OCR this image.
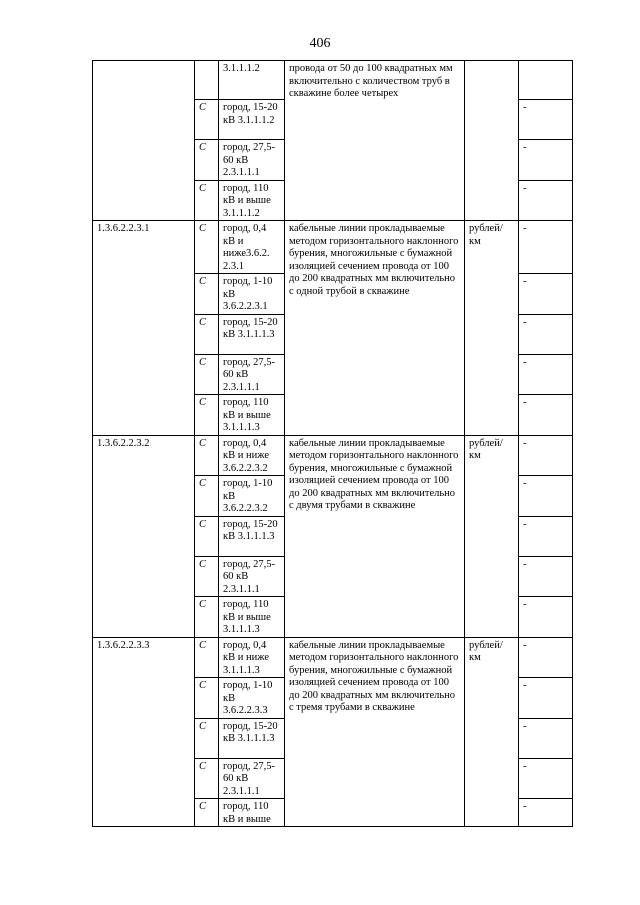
406
		3.1.1.1.2	провода от 50 до 100 квадратных мм включительно с количеством труб в скважине более четырех		
	С	город, 15-20 кВ 3.1.1.1.2			-
	С	город, 27,5-60 кВ 2.3.1.1.1			-
	С	город, 110 кВ и выше 3.1.1.1.2			-
1.3.6.2.2.3.1	С	город, 0,4 кВ и ниже3.6.2. 2.3.1	кабельные линии прокладываемые методом горизонтального наклонного бурения, многожильные с бумажной изоляцией сечением провода от 100 до 200 квадратных мм включительно с одной трубой в скважине	рублей/ км	-
	С	город, 1-10 кВ 3.6.2.2.3.1			-
	С	город, 15-20 кВ 3.1.1.1.3			-
	С	город, 27,5-60 кВ 2.3.1.1.1			-
	С	город, 110 кВ и выше 3.1.1.1.3			-
1.3.6.2.2.3.2	С	город, 0,4 кВ и ниже 3.6.2.2.3.2	кабельные линии прокладываемые методом горизонтального наклонного бурения, многожильные с бумажной изоляцией сечением провода от 100 до 200 квадратных мм включительно с двумя трубами в скважине	рублей/ км	-
	С	город, 1-10 кВ 3.6.2.2.3.2			-
	С	город, 15-20 кВ 3.1.1.1.3			-
	С	город, 27,5-60 кВ 2.3.1.1.1			-
	С	город, 110 кВ и выше 3.1.1.1.3			-
1.3.6.2.2.3.3	С	город, 0,4 кВ и ниже 3.1.1.1.3	кабельные линии прокладываемые методом горизонтального наклонного бурения, многожильные с бумажной изоляцией сечением провода от 100 до 200 квадратных мм включительно с тремя трубами в скважине	рублей/ км	-
	С	город, 1-10 кВ 3.6.2.2.3.3			-
	С	город, 15-20 кВ 3.1.1.1.3			-
	С	город, 27,5-60 кВ 2.3.1.1.1			-
	С	город, 110 кВ и выше			-
